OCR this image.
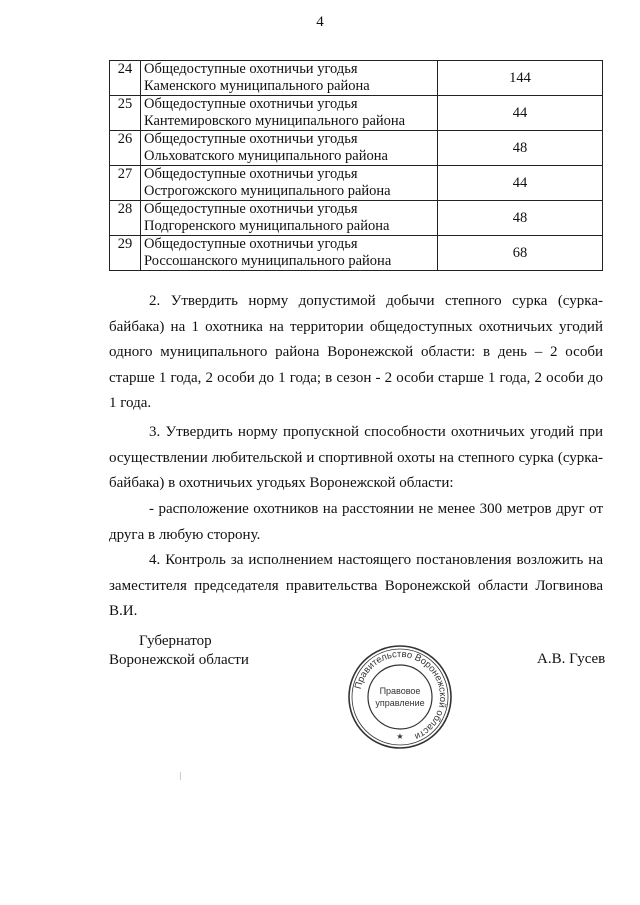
4
24	Общедоступные охотничьи угодья
Каменского муниципального района	144
25	Общедоступные охотничьи угодья
Кантемировского муниципального района	44
26	Общедоступные охотничьи угодья
Ольховатского муниципального района	48
27	Общедоступные охотничьи угодья
Острогожского муниципального района	44
28	Общедоступные охотничьи угодья
Подгоренского муниципального района	48
29	Общедоступные охотничьи угодья
Россошанского муниципального района	68

2. Утвердить норму допустимой добычи степного сурка (сурка-байбака) на 1 охотника на территории общедоступных охотничьих угодий одного муниципального района Воронежской области: в день – 2 особи старше 1 года, 2 особи до 1 года; в сезон - 2 особи старше 1 года, 2 особи до 1 года.

3. Утвердить норму пропускной способности охотничьих угодий при осуществлении любительской и спортивной охоты на степного сурка (сурка-байбака) в охотничьих угодьях Воронежской области:

- расположение охотников на расстоянии не менее 300 метров друг от друга в любую сторону.

4. Контроль за исполнением настоящего постановления возложить на заместителя председателя правительства Воронежской области Логвинова В.И.

Губернатор
Воронежской области	А.В. Гусев
Правительство Воронежской области
Правовое
управление
★
